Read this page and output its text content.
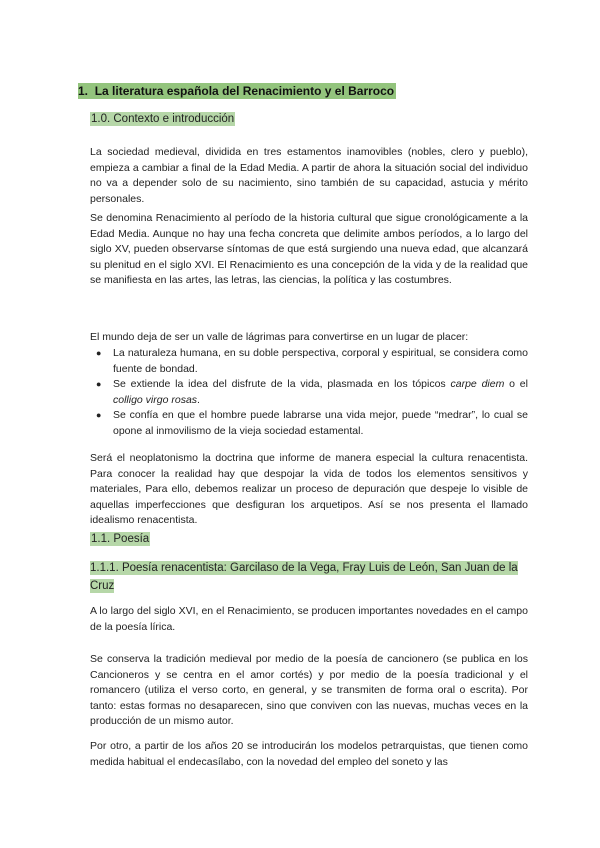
1. La literatura española del Renacimiento y el Barroco
1.0. Contexto e introducción

La sociedad medieval, dividida en tres estamentos inamovibles (nobles, clero y pueblo), empieza a cambiar a final de la Edad Media. A partir de ahora la situación social del individuo no va a depender solo de su nacimiento, sino también de su capacidad, astucia y mérito personales.

Se denomina Renacimiento al período de la historia cultural que sigue cronológicamente a la Edad Media. Aunque no hay una fecha concreta que delimite ambos períodos, a lo largo del siglo XV, pueden observarse síntomas de que está surgiendo una nueva edad, que alcanzará su plenitud en el siglo XVI. El Renacimiento es una concepción de la vida y de la realidad que se manifiesta en las artes, las letras, las ciencias, la política y las costumbres.

El mundo deja de ser un valle de lágrimas para convertirse en un lugar de placer:

● La naturaleza humana, en su doble perspectiva, corporal y espiritual, se considera como fuente de bondad.
● Se extiende la idea del disfrute de la vida, plasmada en los tópicos carpe diem o el colligo virgo rosas.
● Se confía en que el hombre puede labrarse una vida mejor, puede “medrar”, lo cual se opone al inmovilismo de la vieja sociedad estamental.

Será el neoplatonismo la doctrina que informe de manera especial la cultura renacentista. Para conocer la realidad hay que despojar la vida de todos los elementos sensitivos y materiales, Para ello, debemos realizar un proceso de depuración que despeje lo visible de aquellas imperfecciones que desfiguran los arquetipos. Así se nos presenta el llamado idealismo renacentista.

1.1. Poesía
1.1.1. Poesía renacentista: Garcilaso de la Vega, Fray Luis de León, San Juan de la Cruz

A lo largo del siglo XVI, en el Renacimiento, se producen importantes novedades en el campo de la poesía lírica.

Se conserva la tradición medieval por medio de la poesía de cancionero (se publica en los Cancioneros y se centra en el amor cortés) y por medio de la poesía tradicional y el romancero (utiliza el verso corto, en general, y se transmiten de forma oral o escrita). Por tanto: estas formas no desaparecen, sino que conviven con las nuevas, muchas veces en la producción de un mismo autor.

Por otro, a partir de los años 20 se introducirán los modelos petrarquistas, que tienen como medida habitual el endecasílabo, con la novedad del empleo del soneto y las
